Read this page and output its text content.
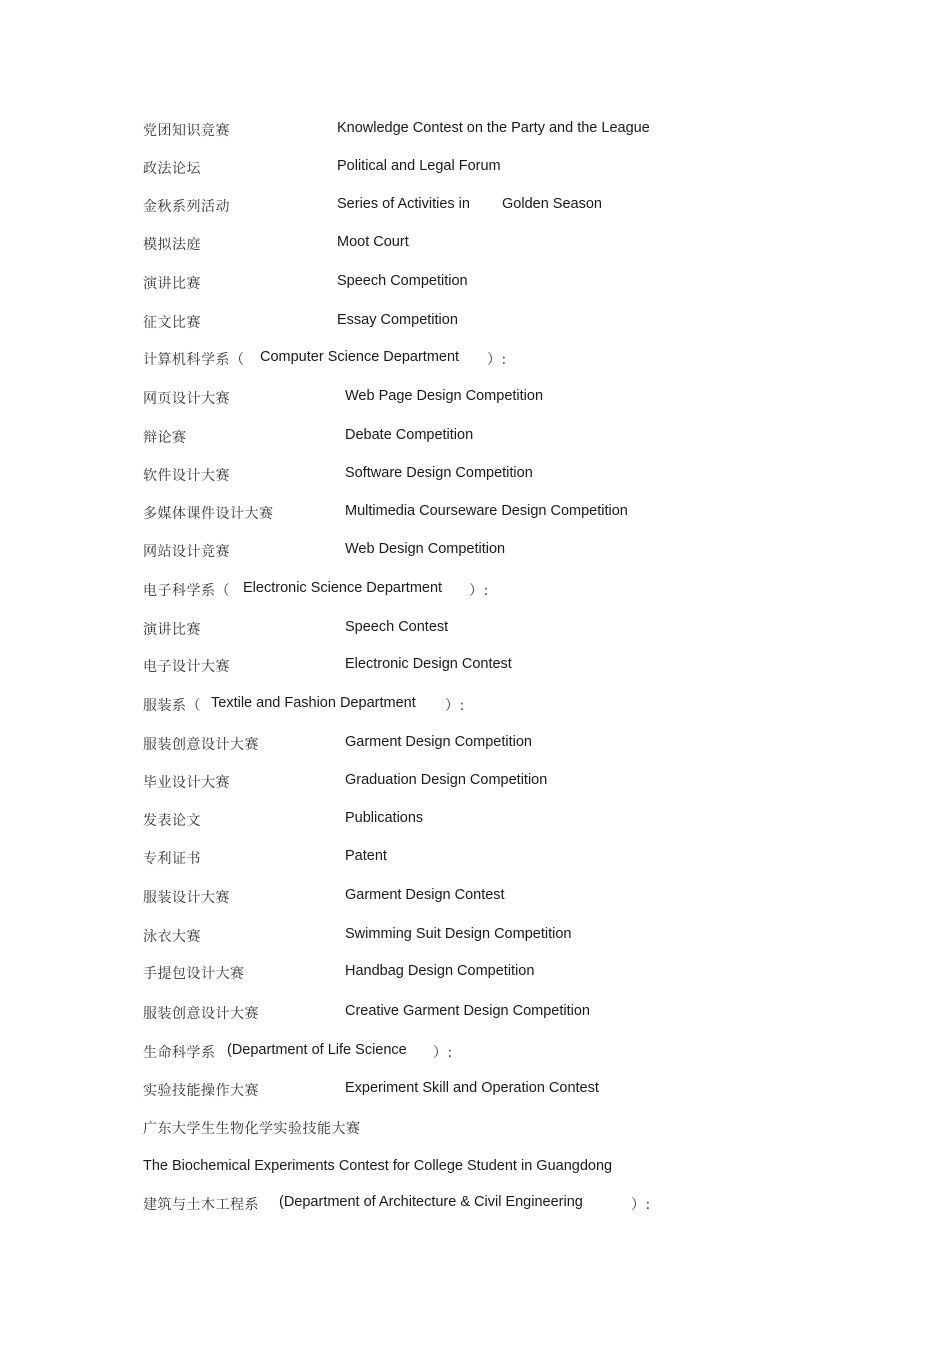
党团知识竞赛	Knowledge Contest on the Party and the League
政法论坛	Political and Legal Forum
金秋系列活动	Series of Activities in Golden Season
模拟法庭	Moot Court
演讲比赛	Speech Competition
征文比赛	Essay Competition
计算机科学系（ Computer Science Department ）:
网页设计大赛	Web Page Design Competition
辩论赛	Debate Competition
软件设计大赛	Software Design Competition
多媒体课件设计大赛	Multimedia Courseware Design Competition
网站设计竞赛	Web Design Competition
电子科学系（ Electronic Science Department ）:
演讲比赛	Speech Contest
电子设计大赛	Electronic Design Contest
服装系（ Textile and Fashion Department ）:
服装创意设计大赛	Garment Design Competition
毕业设计大赛	Graduation Design Competition
发表论文	Publications
专利证书	Patent
服装设计大赛	Garment Design Contest
泳衣大赛	Swimming Suit Design Competition
手提包设计大赛	Handbag Design Competition
服装创意设计大赛	Creative Garment Design Competition
生命科学系 (Department of Life Science ）:
实验技能操作大赛	Experiment Skill and Operation Contest
广东大学生生物化学实验技能大赛
The Biochemical Experiments Contest for College Student in Guangdong
建筑与土木工程系 (Department of Architecture & Civil Engineering	）:
